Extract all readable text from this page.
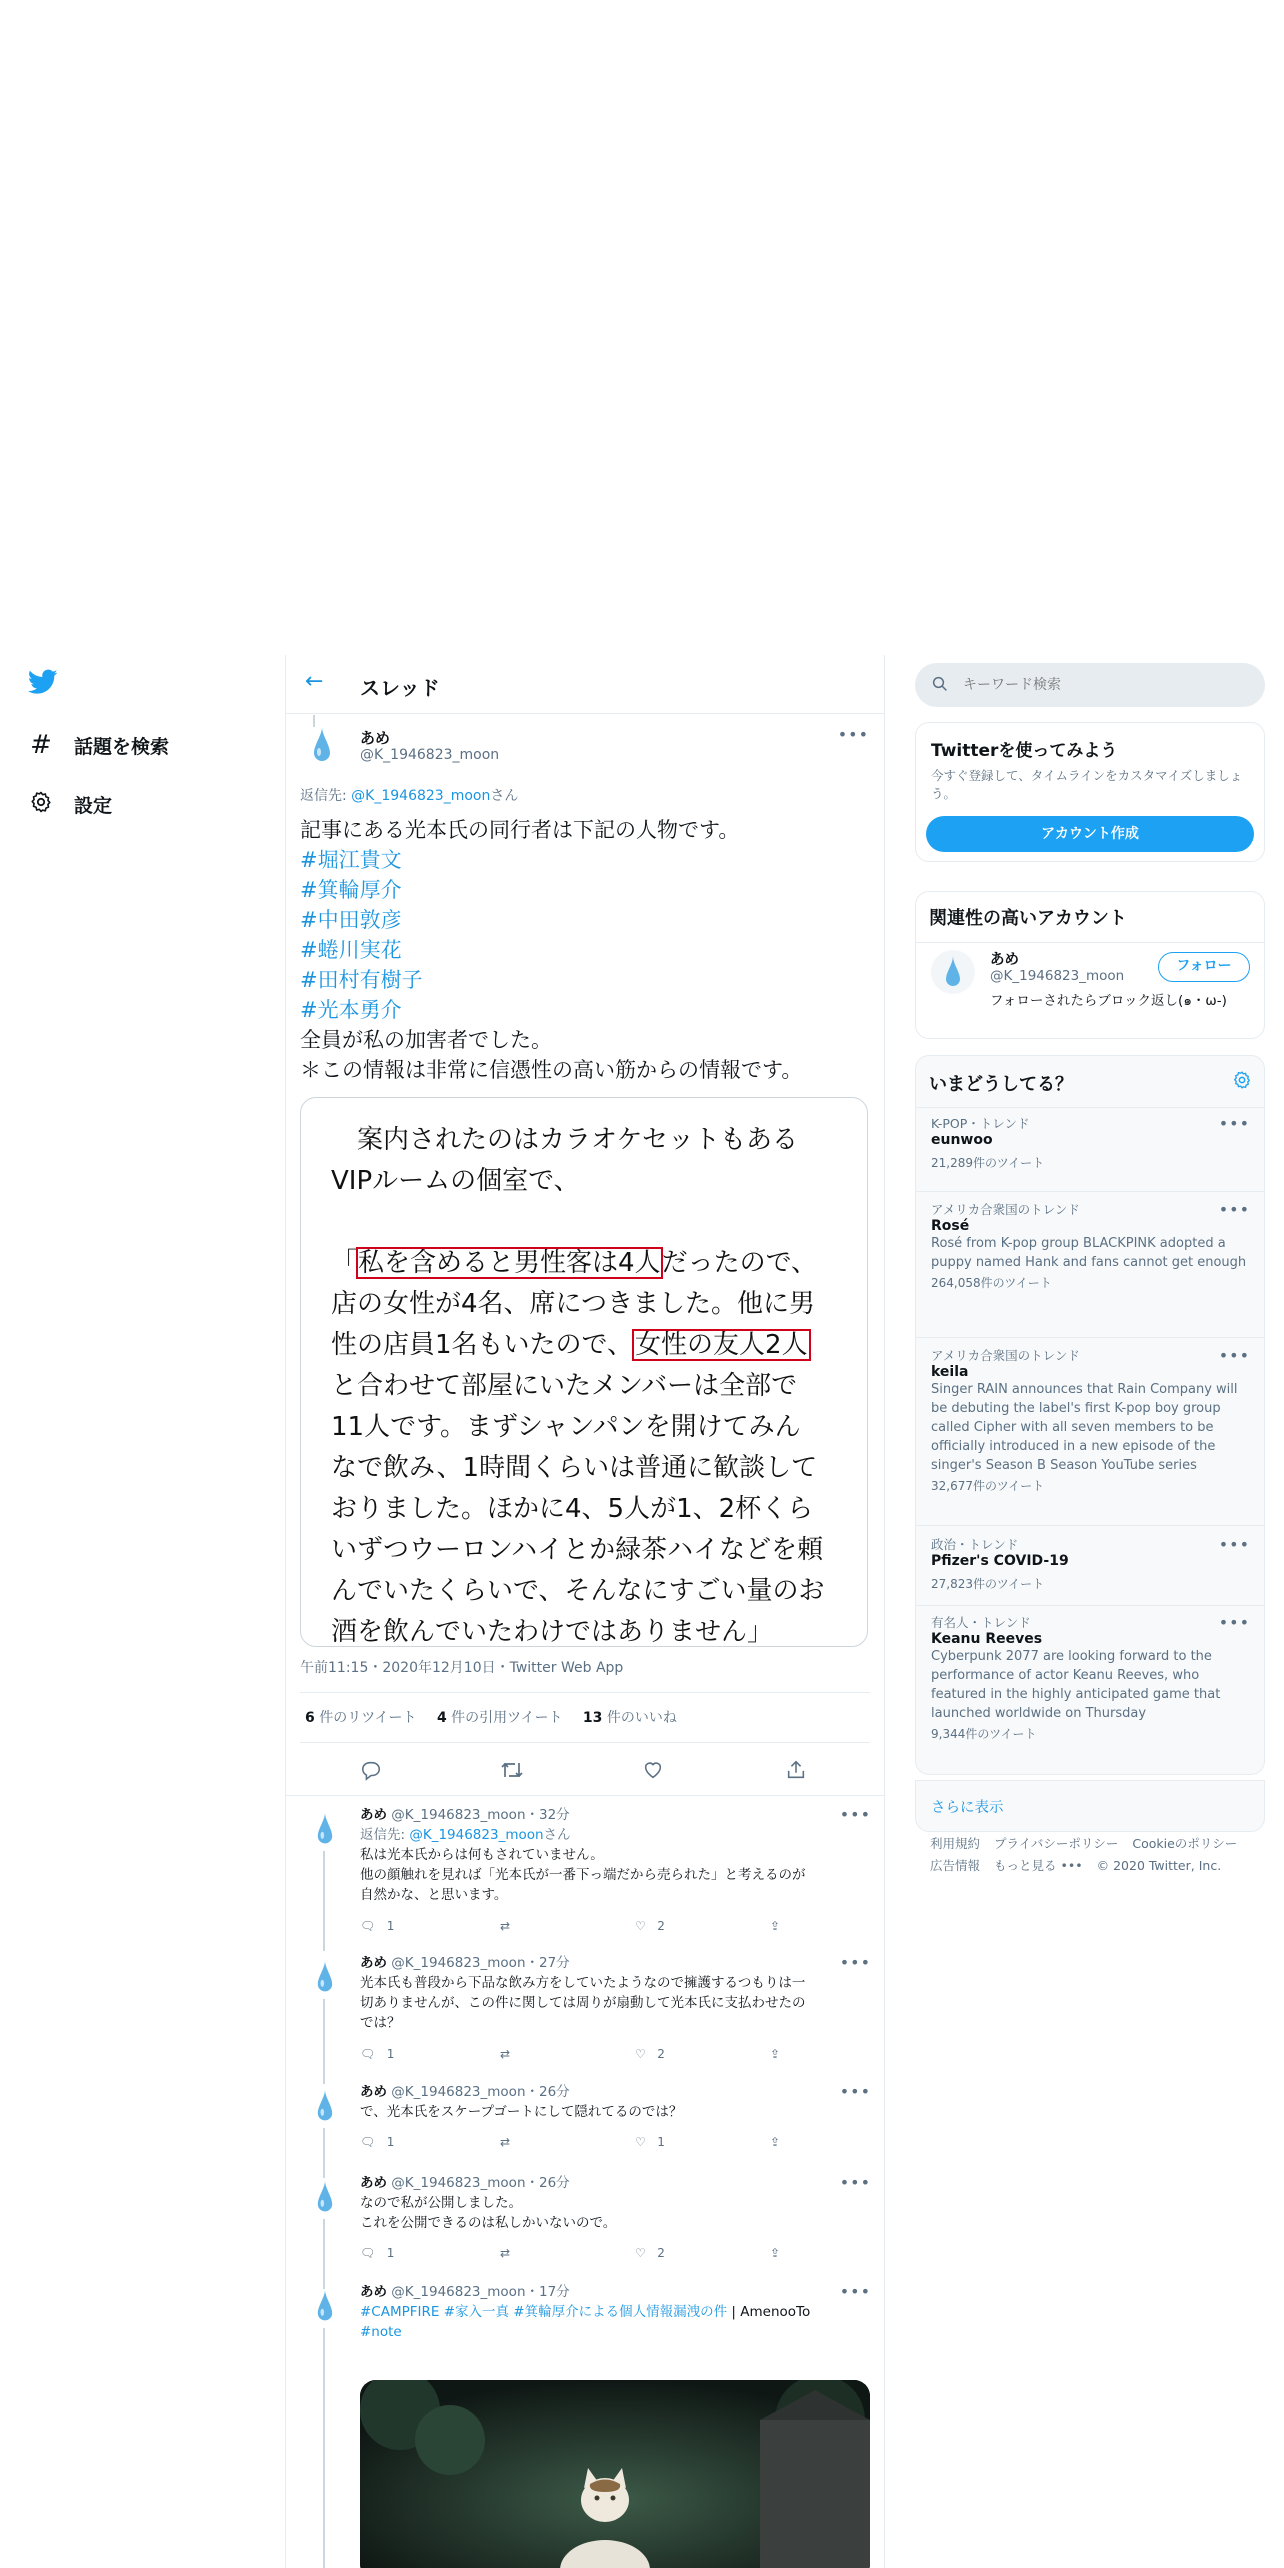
# 話題を検索
設定
← スレッド
あめ
@K_1946823_moon
•••
返信先: @K_1946823_moonさん
記事にある光本氏の同行者は下記の人物です。
#堀江貴文
#箕輪厚介
#中田敦彦
#蜷川実花
#田村有樹子
#光本勇介
全員が私の加害者でした。
＊この情報は非常に信憑性の高い筋からの情報です。
　案内されたのはカラオケセットもある
VIPルームの個室で、
「私を含めると男性客は4人だったので、
店の女性が4名、席につきました。他に男
性の店員1名もいたので、女性の友人2人
と合わせて部屋にいたメンバーは全部で
11人です。まずシャンパンを開けてみん
なで飲み、1時間くらいは普通に歓談して
おりました。ほかに4、5人が1、2杯くら
いずつウーロンハイとか緑茶ハイなどを頼
んでいたくらいで、そんなにすごい量のお
酒を飲んでいたわけではありません」
午前11:15・2020年12月10日・Twitter Web App
6 件のリツイート 4 件の引用ツイート 13 件のいいね
あめ @K_1946823_moon・32分
返信先: @K_1946823_moonさん
私は光本氏からは何もされていません。
他の顔触れを見れば「光本氏が一番下っ端だから売られた」と考えるのが
自然かな、と思います。
•••
🗨   1	⇄	♡   2	⇪
あめ @K_1946823_moon・27分
光本氏も普段から下品な飲み方をしていたようなので擁護するつもりは一
切ありませんが、この件に関しては周りが扇動して光本氏に支払わせたの
では？
•••
🗨   1	⇄	♡   2	⇪
あめ @K_1946823_moon・26分
で、光本氏をスケープゴートにして隠れてるのでは？
•••
🗨   1	⇄	♡   1	⇪
あめ @K_1946823_moon・26分
なので私が公開しました。
これを公開できるのは私しかいないので。
•••
🗨   1	⇄	♡   2	⇪
あめ @K_1946823_moon・17分
#CAMPFIRE #家入一真 #箕輪厚介による個人情報漏洩の件 | AmenooTo
#note
•••
キーワード検索
Twitterを使ってみよう
今すぐ登録して、タイムラインをカスタマイズしましょう。
アカウント作成
関連性の高いアカウント
あめ
@K_1946823_moon
フォロー
フォローされたらブロック返し(๑・ω-)
いまどうしてる？
K-POP・トレンド
eunwoo
21,289件のツイート
•••
アメリカ合衆国のトレンド
Rosé
Rosé from K-pop group BLACKPINK adopted a puppy named Hank and fans cannot get enough
264,058件のツイート
•••
アメリカ合衆国のトレンド
keila
Singer RAIN announces that Rain Company will be debuting the label's first K-pop boy group called Cipher with all seven members to be officially introduced in a new episode of the singer's Season B Season YouTube series
32,677件のツイート
•••
政治・トレンド
Pfizer's COVID-19
27,823件のツイート
•••
有名人・トレンド
Keanu Reeves
Cyberpunk 2077 are looking forward to the performance of actor Keanu Reeves, who featured in the highly anticipated game that launched worldwide on Thursday
9,344件のツイート
•••
さらに表示
利用規約 プライバシーポリシー Cookieのポリシー
広告情報 もっと見る ••• © 2020 Twitter, Inc.
